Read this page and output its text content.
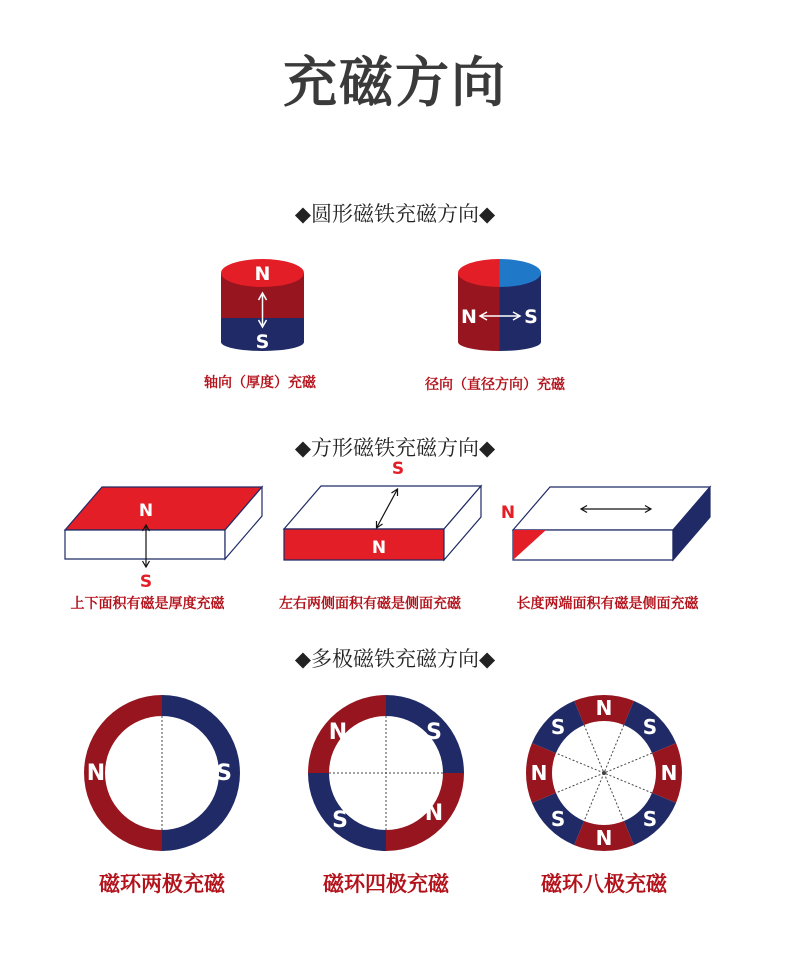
充磁方向
◆圆形磁铁充磁方向◆
N
S
轴向（厚度）充磁
N S
径向（直径方向）充磁
◆方形磁铁充磁方向◆
N
S
上下面积有磁是厚度充磁
S
N
左右两侧面积有磁是侧面充磁
N
长度两端面积有磁是侧面充磁
◆多极磁铁充磁方向◆
N	S
磁环两极充磁
N	S
S	N
磁环四极充磁
N
S
N
S
N
S
N
S
磁环八极充磁
